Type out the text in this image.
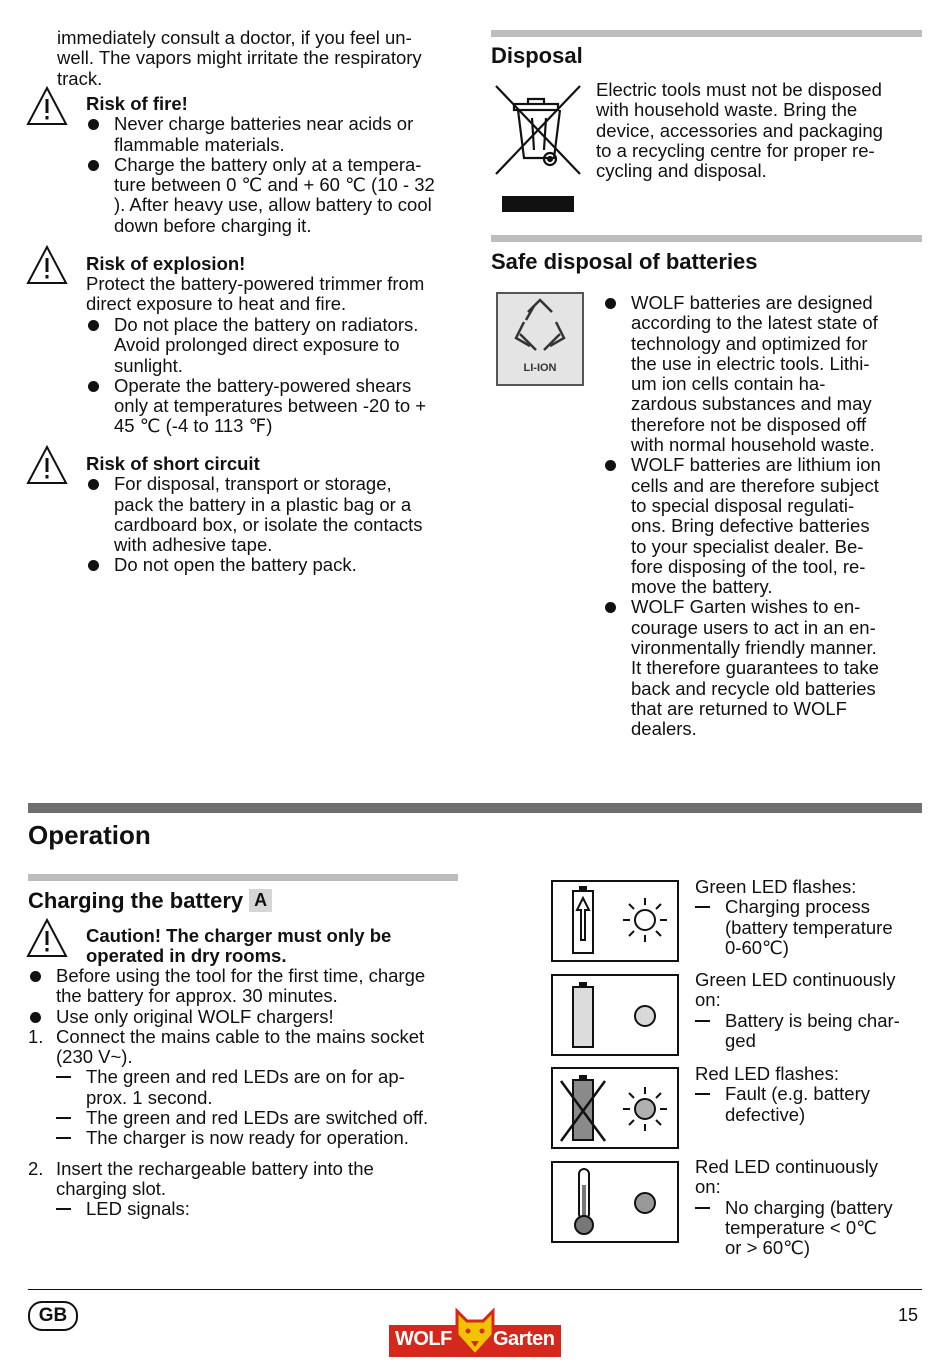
immediately consult a doctor, if you feel un-
well. The vapors might irritate the respiratory
track.

Risk of fire!

Never charge batteries near acids or
flammable materials.
Charge the battery only at a tempera-
ture between 0 ℃ and + 60 ℃ (10 - 32
). After heavy use, allow battery to cool
down before charging it.

Risk of explosion!

Protect the battery-powered trimmer from
direct exposure to heat and fire.
Do not place the battery on radiators.
Avoid prolonged direct exposure to
sunlight.
Operate the battery-powered shears
only at temperatures between -20 to +
45 ℃ (-4 to 113 ℉)

Risk of short circuit

For disposal, transport or storage,
pack the battery in a plastic bag or a
cardboard box, or isolate the contacts
with adhesive tape.
Do not open the battery pack.
Disposal
Electric tools must not be disposed
with household waste. Bring the
device, accessories and packaging
to a recycling centre for proper re-
cycling and disposal.
Safe disposal of batteries
LI-ION
WOLF batteries are designed
according to the latest state of
technology and optimized for
the use in electric tools. Lithi-
um ion cells contain ha-
zardous substances and may
therefore not be disposed off
with normal household waste.
WOLF batteries are lithium ion
cells and are therefore subject
to special disposal regulati-
ons. Bring defective batteries
to your specialist dealer. Be-
fore disposing of the tool, re-
move the battery.
WOLF Garten wishes to en-
courage users to act in an en-
vironmentally friendly manner.
It therefore guarantees to take
back and recycle old batteries
that are returned to WOLF
dealers.
Operation
Charging the battery A
Caution! The charger must only be
operated in dry rooms.
Before using the tool for the first time, charge
the battery for approx. 30 minutes.
Use only original WOLF chargers!
1. Connect the mains cable to the mains socket
(230 V~).
The green and red LEDs are on for ap-
prox. 1 second.
The green and red LEDs are switched off.
The charger is now ready for operation.
2. Insert the rechargeable battery into the
charging slot.
LED signals:
Green LED flashes:
Charging process
(battery temperature
0-60℃)
Green LED continuously
on:
Battery is being char-
ged
Red LED flashes:
Fault (e.g. battery
defective)
Red LED continuously
on:
No charging (battery
temperature < 0℃
or > 60℃)
GB	15
WOLF Garten
